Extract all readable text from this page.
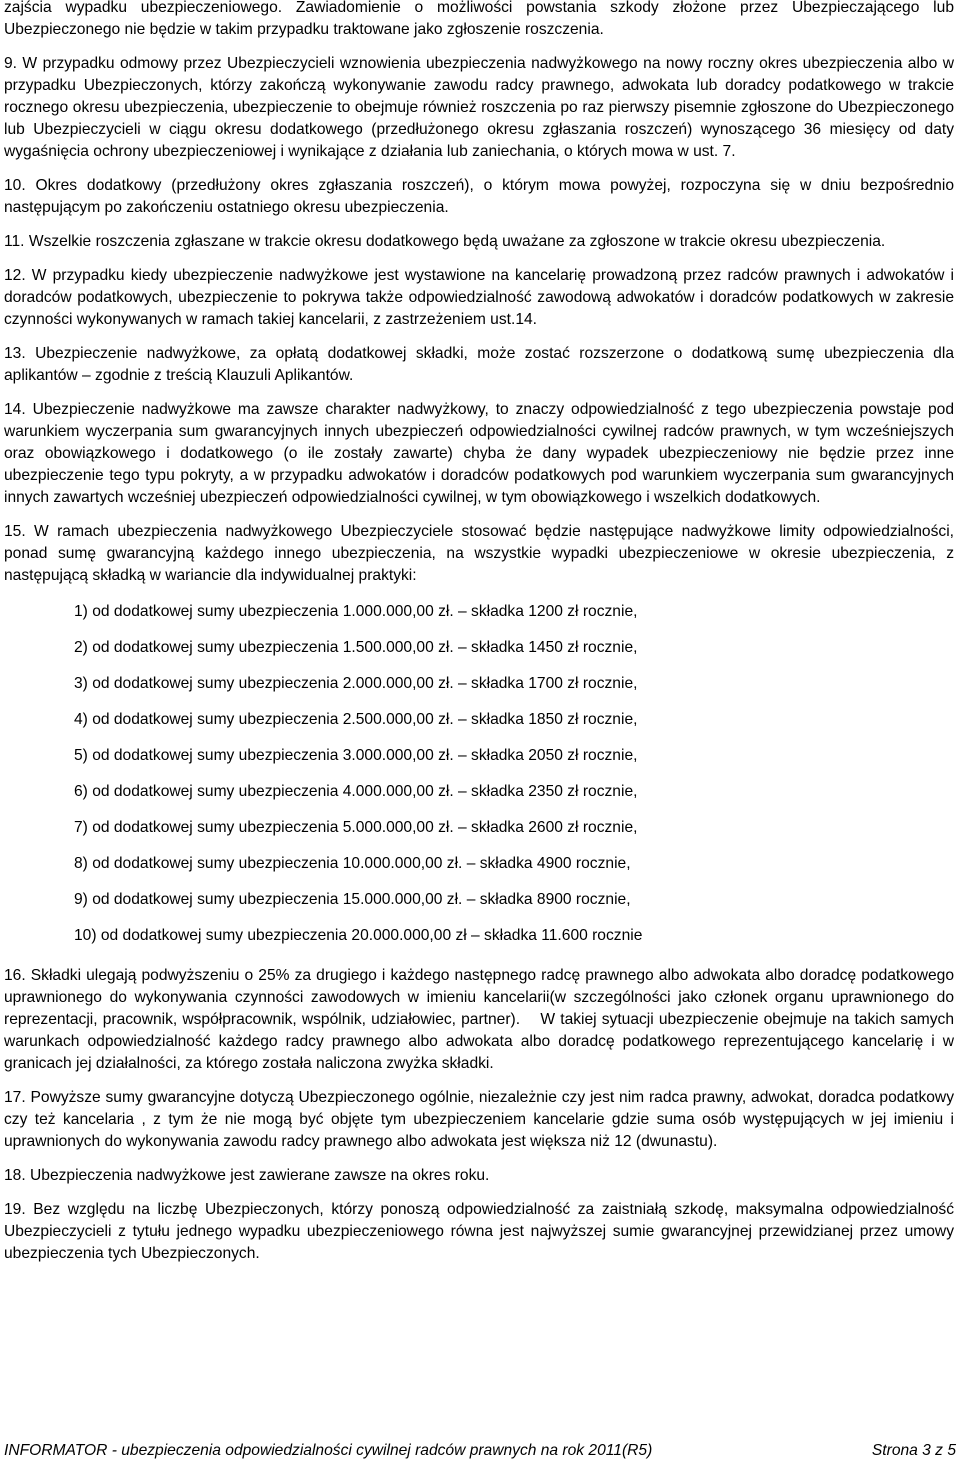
zajścia wypadku ubezpieczeniowego. Zawiadomienie o możliwości powstania szkody złożone przez Ubezpieczającego lub Ubezpieczonego nie będzie w takim przypadku traktowane jako zgłoszenie roszczenia.

9. W przypadku odmowy przez Ubezpieczycieli wznowienia ubezpieczenia nadwyżkowego na nowy roczny okres ubezpieczenia albo w przypadku Ubezpieczonych, którzy zakończą wykonywanie zawodu radcy prawnego, adwokata lub doradcy podatkowego w trakcie rocznego okresu ubezpieczenia, ubezpieczenie to obejmuje również roszczenia po raz pierwszy pisemnie zgłoszone do Ubezpieczonego lub Ubezpieczycieli w ciągu okresu dodatkowego (przedłużonego okresu zgłaszania roszczeń) wynoszącego 36 miesięcy od daty wygaśnięcia ochrony ubezpieczeniowej i wynikające z działania lub zaniechania, o których mowa w ust. 7.

10. Okres dodatkowy (przedłużony okres zgłaszania roszczeń), o którym mowa powyżej, rozpoczyna się w dniu bezpośrednio następującym po zakończeniu ostatniego okresu ubezpieczenia.

11. Wszelkie roszczenia zgłaszane w trakcie okresu dodatkowego będą uważane za zgłoszone w trakcie okresu ubezpieczenia.

12. W przypadku kiedy ubezpieczenie nadwyżkowe jest wystawione na kancelarię prowadzoną przez radców prawnych i adwokatów i doradców podatkowych, ubezpieczenie to pokrywa także odpowiedzialność zawodową adwokatów i doradców podatkowych w zakresie czynności wykonywanych w ramach takiej kancelarii, z zastrzeżeniem ust.14.

13. Ubezpieczenie nadwyżkowe, za opłatą dodatkowej składki, może zostać rozszerzone o dodatkową sumę ubezpieczenia dla aplikantów – zgodnie z treścią Klauzuli Aplikantów.

14. Ubezpieczenie nadwyżkowe ma zawsze charakter nadwyżkowy, to znaczy odpowiedzialność z tego ubezpieczenia powstaje pod warunkiem wyczerpania sum gwarancyjnych innych ubezpieczeń odpowiedzialności cywilnej radców prawnych, w tym wcześniejszych oraz obowiązkowego i dodatkowego (o ile zostały zawarte) chyba że dany wypadek ubezpieczeniowy nie będzie przez inne ubezpieczenie tego typu pokryty, a w przypadku adwokatów i doradców podatkowych pod warunkiem wyczerpania sum gwarancyjnych innych zawartych wcześniej ubezpieczeń odpowiedzialności cywilnej, w tym obowiązkowego i wszelkich dodatkowych.

15. W ramach ubezpieczenia nadwyżkowego Ubezpieczyciele stosować będzie następujące nadwyżkowe limity odpowiedzialności, ponad sumę gwarancyjną każdego innego ubezpieczenia, na wszystkie wypadki ubezpieczeniowe w okresie ubezpieczenia, z następującą składką w wariancie dla indywidualnej praktyki:

1) od dodatkowej sumy ubezpieczenia 1.000.000,00 zł. – składka 1200 zł rocznie,
2) od dodatkowej sumy ubezpieczenia 1.500.000,00 zł. – składka 1450 zł rocznie,
3) od dodatkowej sumy ubezpieczenia 2.000.000,00 zł. – składka 1700 zł rocznie,
4) od dodatkowej sumy ubezpieczenia 2.500.000,00 zł. – składka 1850 zł rocznie,
5) od dodatkowej sumy ubezpieczenia 3.000.000,00 zł. – składka 2050 zł rocznie,
6) od dodatkowej sumy ubezpieczenia 4.000.000,00 zł. – składka 2350 zł rocznie,
7) od dodatkowej sumy ubezpieczenia 5.000.000,00 zł. – składka 2600 zł rocznie,
8) od dodatkowej sumy ubezpieczenia 10.000.000,00 zł. – składka 4900 rocznie,
9) od dodatkowej sumy ubezpieczenia 15.000.000,00 zł. – składka 8900 rocznie,
10) od dodatkowej sumy ubezpieczenia 20.000.000,00 zł – składka 11.600 rocznie

16. Składki ulegają podwyższeniu o 25% za drugiego i każdego następnego radcę prawnego albo adwokata albo doradcę podatkowego uprawnionego do wykonywania czynności zawodowych w imieniu kancelarii(w szczególności jako członek organu uprawnionego do reprezentacji, pracownik, współpracownik, wspólnik, udziałowiec, partner).    W takiej sytuacji ubezpieczenie obejmuje na takich samych warunkach odpowiedzialność każdego radcy prawnego albo adwokata albo doradcę podatkowego reprezentującego kancelarię i w granicach jej działalności, za którego została naliczona zwyżka składki.

17. Powyższe sumy gwarancyjne dotyczą Ubezpieczonego ogólnie, niezależnie czy jest nim radca prawny, adwokat, doradca podatkowy czy też kancelaria , z tym że nie mogą być objęte tym ubezpieczeniem kancelarie gdzie suma osób występujących w jej imieniu i uprawnionych do wykonywania zawodu radcy prawnego albo adwokata jest większa niż 12 (dwunastu).

18. Ubezpieczenia nadwyżkowe jest zawierane zawsze na okres roku.

19. Bez względu na liczbę Ubezpieczonych, którzy ponoszą odpowiedzialność za zaistniałą szkodę, maksymalna odpowiedzialność Ubezpieczycieli z tytułu jednego wypadku ubezpieczeniowego równa jest najwyższej sumie gwarancyjnej przewidzianej przez umowy ubezpieczenia tych Ubezpieczonych.

INFORMATOR - ubezpieczenia odpowiedzialności cywilnej radców prawnych na rok 2011(R5)	Strona 3 z 5
